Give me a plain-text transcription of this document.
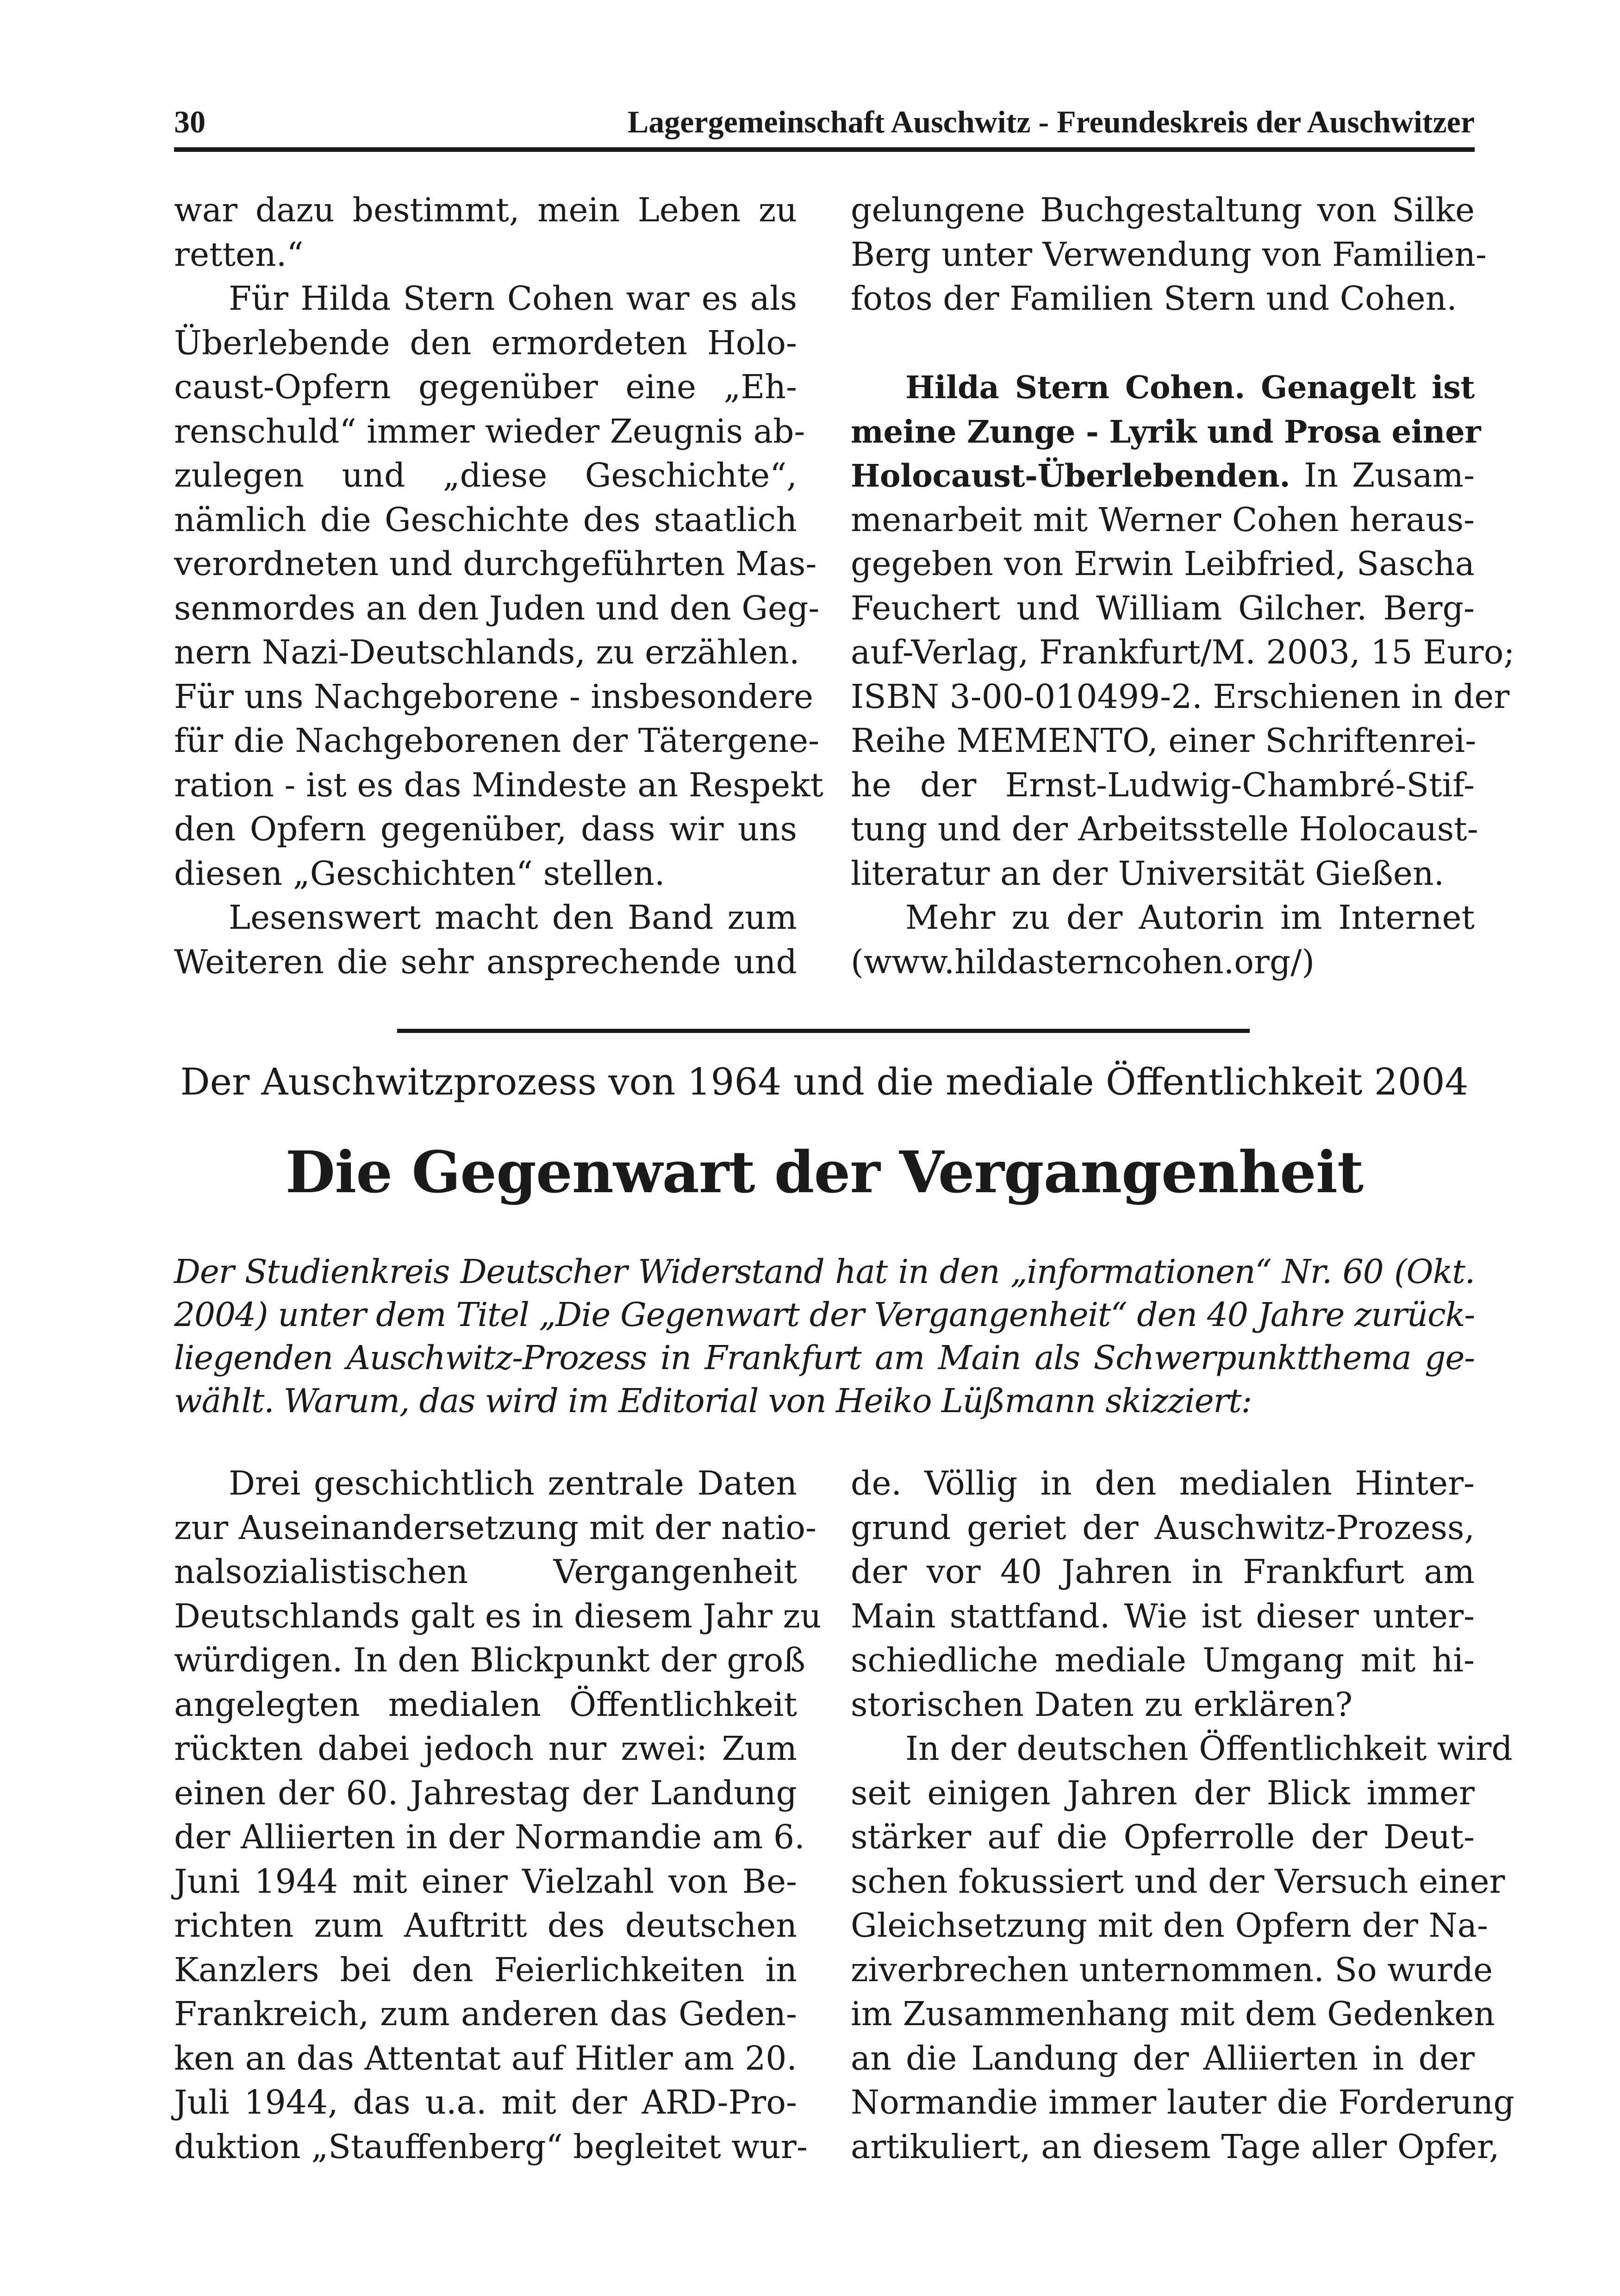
30	Lagergemeinschaft Auschwitz - Freundeskreis der Auschwitzer
war dazu bestimmt, mein Leben zu
retten.“
Für Hilda Stern Cohen war es als
Überlebende den ermordeten Holo-
caust-Opfern gegenüber eine „Eh-
renschuld“ immer wieder Zeugnis ab-
zulegen und „diese Geschichte“,
nämlich die Geschichte des staatlich
verordneten und durchgeführten Mas-
senmordes an den Juden und den Geg-
nern Nazi-Deutschlands, zu erzählen.
Für uns Nachgeborene - insbesondere
für die Nachgeborenen der Tätergene-
ration - ist es das Mindeste an Respekt
den Opfern gegenüber, dass wir uns
diesen „Geschichten“ stellen.
Lesenswert macht den Band zum
Weiteren die sehr ansprechende und
gelungene Buchgestaltung von Silke
Berg unter Verwendung von Familien-
fotos der Familien Stern und Cohen.
Hilda Stern Cohen. Genagelt ist
meine Zunge - Lyrik und Prosa einer
Holocaust-Überlebenden. In Zusam-
menarbeit mit Werner Cohen heraus-
gegeben von Erwin Leibfried, Sascha
Feuchert und William Gilcher. Berg-
auf-Verlag, Frankfurt/M. 2003, 15 Euro;
ISBN 3-00-010499-2. Erschienen in der
Reihe MEMENTO, einer Schriftenrei-
he der Ernst-Ludwig-Chambré-Stif-
tung und der Arbeitsstelle Holocaust-
literatur an der Universität Gießen.
Mehr zu der Autorin im Internet
(www.hildasterncohen.org/)
Der Auschwitzprozess von 1964 und die mediale Öffentlichkeit 2004
Die Gegenwart der Vergangenheit
Der Studienkreis Deutscher Widerstand hat in den „informationen“ Nr. 60 (Okt.
2004) unter dem Titel „Die Gegenwart der Vergangenheit“ den 40 Jahre zurück-
liegenden Auschwitz-Prozess in Frankfurt am Main als Schwerpunktthema ge-
wählt. Warum, das wird im Editorial von Heiko Lüßmann skizziert:
Drei geschichtlich zentrale Daten
zur Auseinandersetzung mit der natio-
nalsozialistischen Vergangenheit
Deutschlands galt es in diesem Jahr zu
würdigen. In den Blickpunkt der groß
angelegten medialen Öffentlichkeit
rückten dabei jedoch nur zwei: Zum
einen der 60. Jahrestag der Landung
der Alliierten in der Normandie am 6.
Juni 1944 mit einer Vielzahl von Be-
richten zum Auftritt des deutschen
Kanzlers bei den Feierlichkeiten in
Frankreich, zum anderen das Geden-
ken an das Attentat auf Hitler am 20.
Juli 1944, das u.a. mit der ARD-Pro-
duktion „Stauffenberg“ begleitet wur-
de. Völlig in den medialen Hinter-
grund geriet der Auschwitz-Prozess,
der vor 40 Jahren in Frankfurt am
Main stattfand. Wie ist dieser unter-
schiedliche mediale Umgang mit hi-
storischen Daten zu erklären?
In der deutschen Öffentlichkeit wird
seit einigen Jahren der Blick immer
stärker auf die Opferrolle der Deut-
schen fokussiert und der Versuch einer
Gleichsetzung mit den Opfern der Na-
ziverbrechen unternommen. So wurde
im Zusammenhang mit dem Gedenken
an die Landung der Alliierten in der
Normandie immer lauter die Forderung
artikuliert, an diesem Tage aller Opfer,
